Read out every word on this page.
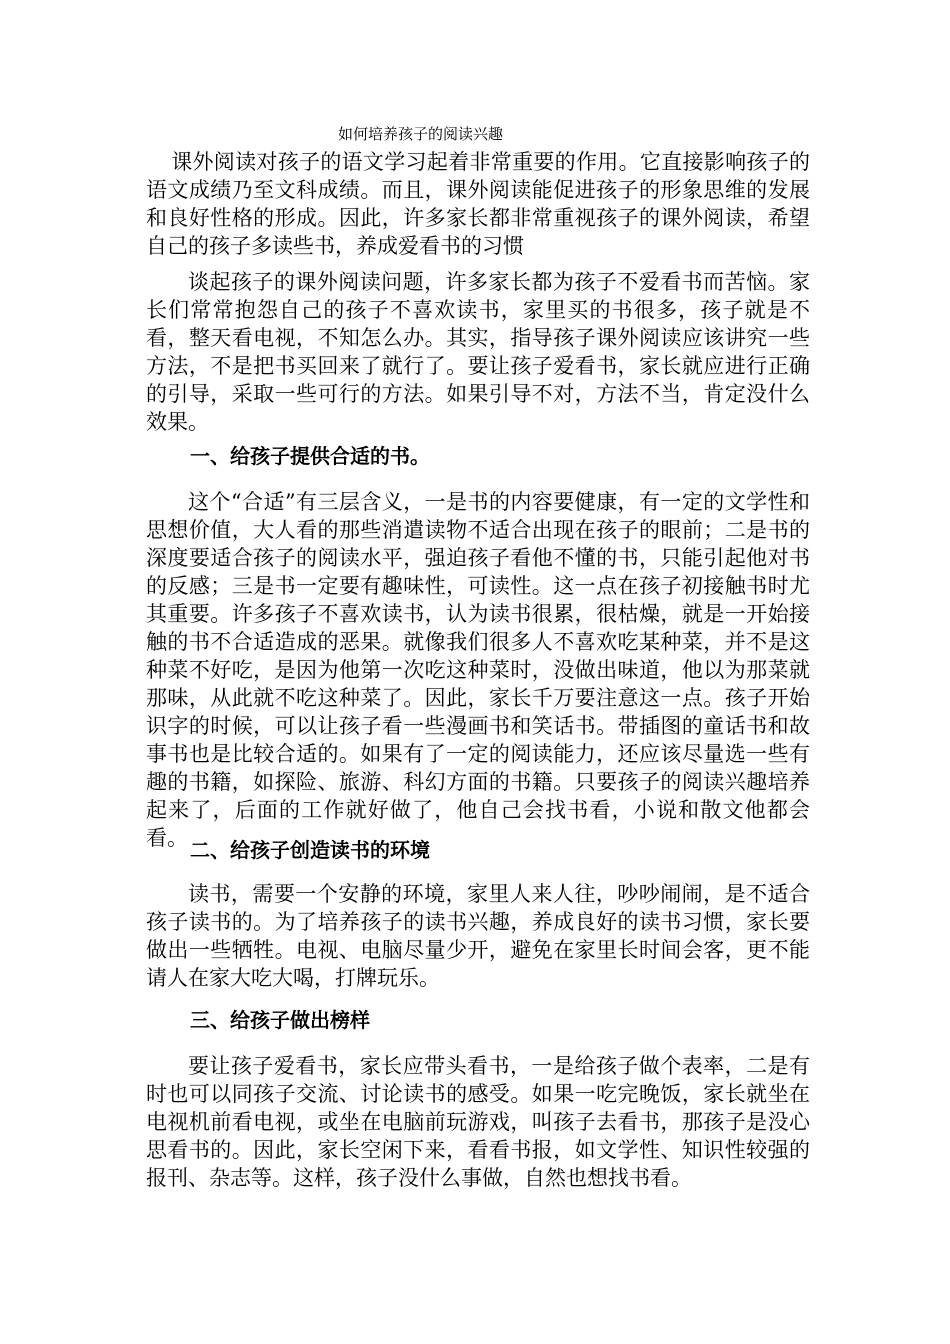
如何培养孩子的阅读兴趣

课外阅读对孩子的语文学习起着非常重要的作用。它直接影响孩子的语文成绩乃至文科成绩。而且，课外阅读能促进孩子的形象思维的发展和良好性格的形成。因此，许多家长都非常重视孩子的课外阅读，希望自己的孩子多读些书，养成爱看书的习惯

谈起孩子的课外阅读问题，许多家长都为孩子不爱看书而苦恼。家长们常常抱怨自己的孩子不喜欢读书，家里买的书很多，孩子就是不看，整天看电视，不知怎么办。其实，指导孩子课外阅读应该讲究一些方法，不是把书买回来了就行了。要让孩子爱看书，家长就应进行正确的引导，采取一些可行的方法。如果引导不对，方法不当，肯定没什么效果。

一、给孩子提供合适的书。

这个“合适”有三层含义，一是书的内容要健康，有一定的文学性和思想价值，大人看的那些消遣读物不适合出现在孩子的眼前；二是书的深度要适合孩子的阅读水平，强迫孩子看他不懂的书，只能引起他对书的反感；三是书一定要有趣味性，可读性。这一点在孩子初接触书时尤其重要。许多孩子不喜欢读书，认为读书很累，很枯燥，就是一开始接触的书不合适造成的恶果。就像我们很多人不喜欢吃某种菜，并不是这种菜不好吃，是因为他第一次吃这种菜时，没做出味道，他以为那菜就那味，从此就不吃这种菜了。因此，家长千万要注意这一点。孩子开始识字的时候，可以让孩子看一些漫画书和笑话书。带插图的童话书和故事书也是比较合适的。如果有了一定的阅读能力，还应该尽量选一些有趣的书籍，如探险、旅游、科幻方面的书籍。只要孩子的阅读兴趣培养起来了，后面的工作就好做了，他自己会找书看，小说和散文他都会看。 二、给孩子创造读书的环境

读书，需要一个安静的环境，家里人来人往，吵吵闹闹，是不适合孩子读书的。为了培养孩子的读书兴趣，养成良好的读书习惯，家长要做出一些牺牲。电视、电脑尽量少开，避免在家里长时间会客，更不能请人在家大吃大喝，打牌玩乐。

三、给孩子做出榜样

要让孩子爱看书，家长应带头看书，一是给孩子做个表率，二是有时也可以同孩子交流、讨论读书的感受。如果一吃完晚饭，家长就坐在电视机前看电视，或坐在电脑前玩游戏，叫孩子去看书，那孩子是没心思看书的。因此，家长空闲下来，看看书报，如文学性、知识性较强的报刊、杂志等。这样，孩子没什么事做，自然也想找书看。
